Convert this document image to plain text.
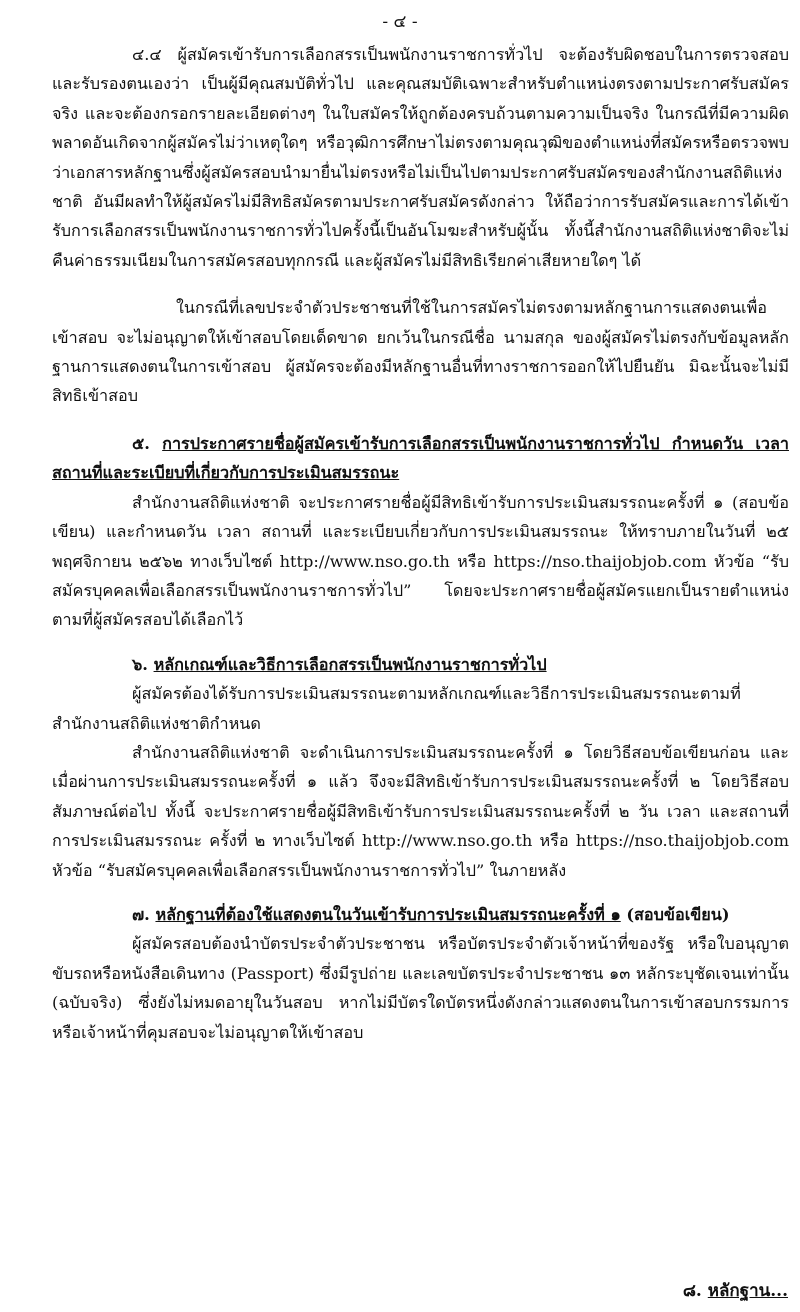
- ๔ -

๔.๔ ผู้สมัครเข้ารับการเลือกสรรเป็นพนักงานราชการทั่วไป จะต้องรับผิดชอบในการตรวจสอบและรับรองตนเองว่า เป็นผู้มีคุณสมบัติทั่วไป และคุณสมบัติเฉพาะสำหรับตำแหน่งตรงตามประกาศรับสมัครจริง และจะต้องกรอกรายละเอียดต่างๆ ในใบสมัครให้ถูกต้องครบถ้วนตามความเป็นจริง ในกรณีที่มีความผิดพลาดอันเกิดจากผู้สมัครไม่ว่าเหตุใดๆ หรือวุฒิการศึกษาไม่ตรงตามคุณวุฒิของตำแหน่งที่สมัครหรือตรวจพบว่าเอกสารหลักฐานซึ่งผู้สมัครสอบนำมายื่นไม่ตรงหรือไม่เป็นไปตามประกาศรับสมัครของสำนักงานสถิติแห่งชาติ อันมีผลทำให้ผู้สมัครไม่มีสิทธิสมัครตามประกาศรับสมัครดังกล่าว ให้ถือว่าการรับสมัครและการได้เข้ารับการเลือกสรรเป็นพนักงานราชการทั่วไปครั้งนี้เป็นอันโมฆะสำหรับผู้นั้น ทั้งนี้สำนักงานสถิติแห่งชาติจะไม่คืนค่าธรรมเนียมในการสมัครสอบทุกกรณี และผู้สมัครไม่มีสิทธิเรียกค่าเสียหายใดๆ ได้

ในกรณีที่เลขประจำตัวประชาชนที่ใช้ในการสมัครไม่ตรงตามหลักฐานการแสดงตนเพื่อเข้าสอบ จะไม่อนุญาตให้เข้าสอบโดยเด็ดขาด ยกเว้นในกรณีชื่อ นามสกุล ของผู้สมัครไม่ตรงกับข้อมูลหลักฐานการแสดงตนในการเข้าสอบ ผู้สมัครจะต้องมีหลักฐานอื่นที่ทางราชการออกให้ไปยืนยัน มิฉะนั้นจะไม่มีสิทธิเข้าสอบ

๕. การประกาศรายชื่อผู้สมัครเข้ารับการเลือกสรรเป็นพนักงานราชการทั่วไป กำหนดวัน เวลา สถานที่และระเบียบที่เกี่ยวกับการประเมินสมรรถนะ

สำนักงานสถิติแห่งชาติ จะประกาศรายชื่อผู้มีสิทธิเข้ารับการประเมินสมรรถนะครั้งที่ ๑ (สอบข้อเขียน) และกำหนดวัน เวลา สถานที่ และระเบียบเกี่ยวกับการประเมินสมรรถนะ ให้ทราบภายในวันที่ ๒๕ พฤศจิกายน ๒๕๖๒ ทางเว็บไซต์ http://www.nso.go.th หรือ https://nso.thaijobjob.com หัวข้อ “รับสมัครบุคคลเพื่อเลือกสรรเป็นพนักงานราชการทั่วไป” โดยจะประกาศรายชื่อผู้สมัครแยกเป็นรายตำแหน่งตามที่ผู้สมัครสอบได้เลือกไว้

๖. หลักเกณฑ์และวิธีการเลือกสรรเป็นพนักงานราชการทั่วไป

ผู้สมัครต้องได้รับการประเมินสมรรถนะตามหลักเกณฑ์และวิธีการประเมินสมรรถนะตามที่สำนักงานสถิติแห่งชาติกำหนด

สำนักงานสถิติแห่งชาติ จะดำเนินการประเมินสมรรถนะครั้งที่ ๑ โดยวิธีสอบข้อเขียนก่อน และเมื่อผ่านการประเมินสมรรถนะครั้งที่ ๑ แล้ว จึงจะมีสิทธิเข้ารับการประเมินสมรรถนะครั้งที่ ๒ โดยวิธีสอบสัมภาษณ์ต่อไป ทั้งนี้ จะประกาศรายชื่อผู้มีสิทธิเข้ารับการประเมินสมรรถนะครั้งที่ ๒ วัน เวลา และสถานที่การประเมินสมรรถนะ ครั้งที่ ๒ ทางเว็บไซต์ http://www.nso.go.th หรือ https://nso.thaijobjob.com หัวข้อ “รับสมัครบุคคลเพื่อเลือกสรรเป็นพนักงานราชการทั่วไป” ในภายหลัง

๗. หลักฐานที่ต้องใช้แสดงตนในวันเข้ารับการประเมินสมรรถนะครั้งที่ ๑ (สอบข้อเขียน)

ผู้สมัครสอบต้องนำบัตรประจำตัวประชาชน หรือบัตรประจำตัวเจ้าหน้าที่ของรัฐ หรือใบอนุญาตขับรถหรือหนังสือเดินทาง (Passport) ซึ่งมีรูปถ่าย และเลขบัตรประจำประชาชน ๑๓ หลักระบุชัดเจนเท่านั้น (ฉบับจริง) ซึ่งยังไม่หมดอายุในวันสอบ หากไม่มีบัตรใดบัตรหนึ่งดังกล่าวแสดงตนในการเข้าสอบกรรมการหรือเจ้าหน้าที่คุมสอบจะไม่อนุญาตให้เข้าสอบ

๘. หลักฐาน...
